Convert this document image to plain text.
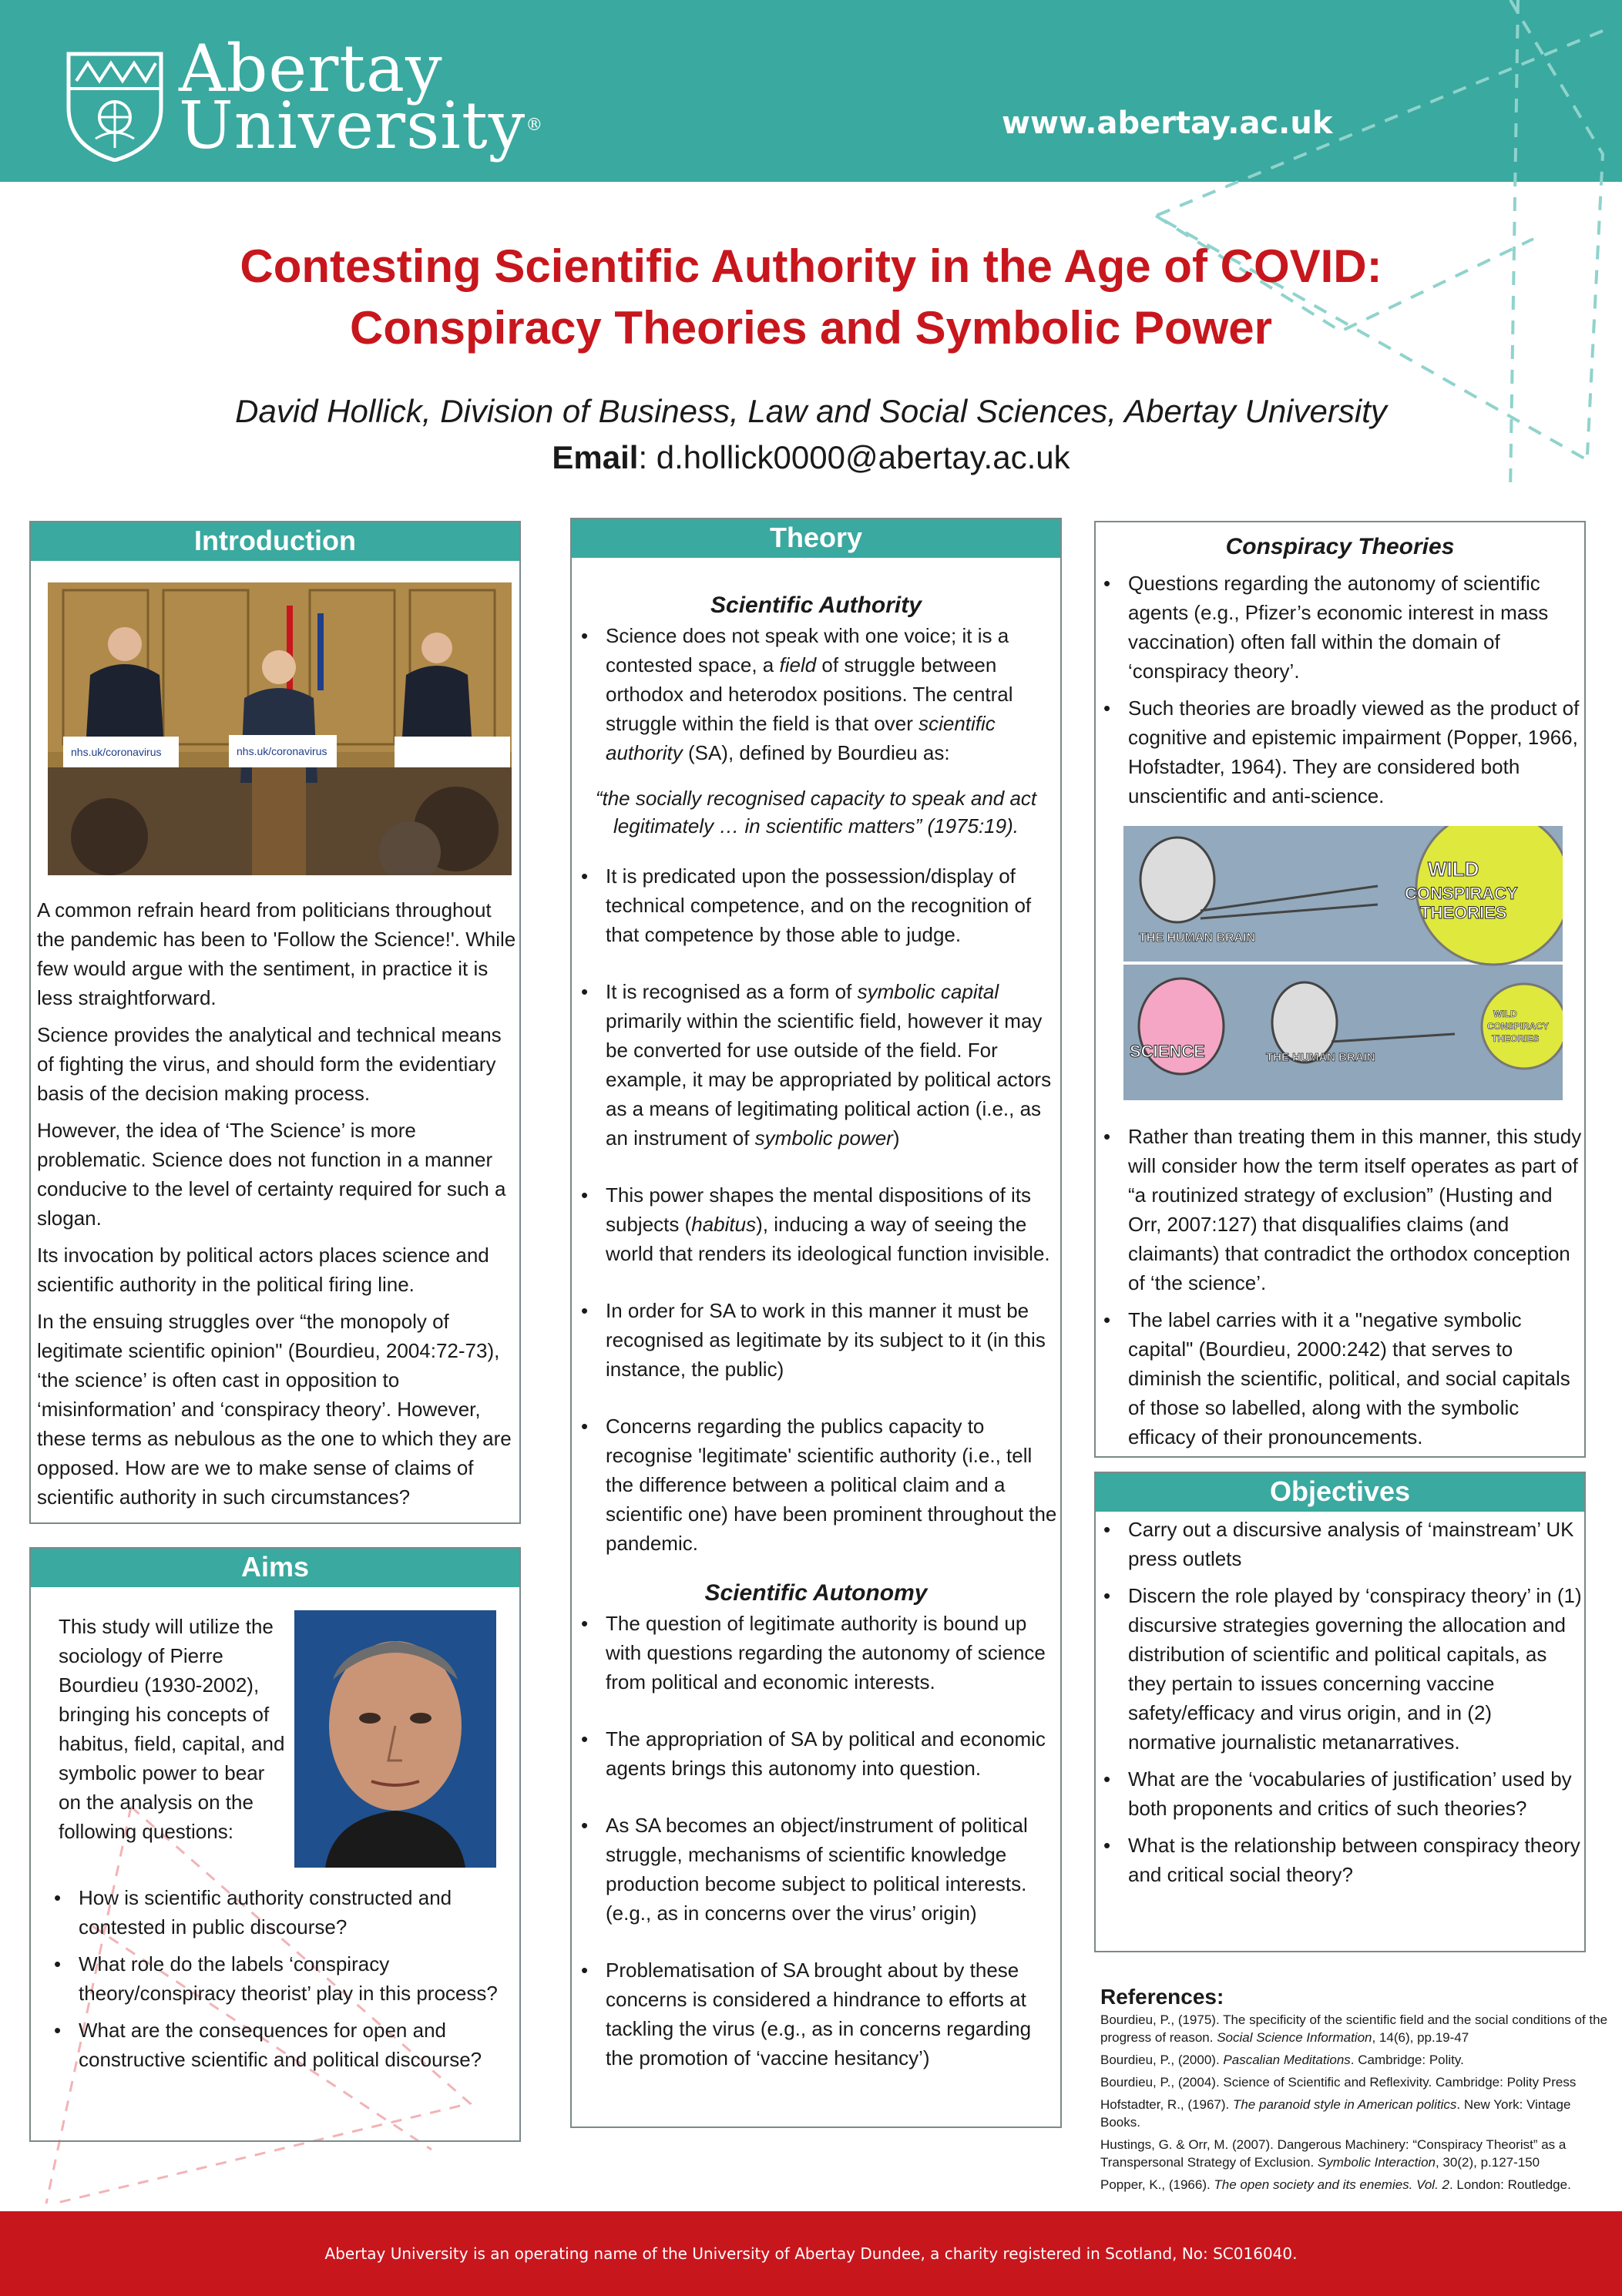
Abertay
University®	www.abertay.ac.uk
Contesting Scientific Authority in the Age of COVID:
Conspiracy Theories and Symbolic Power
David Hollick, Division of Business, Law and Social Sciences, Abertay University
Email: d.hollick0000@abertay.ac.uk
Introduction
nhs.uk/coronavirus	nhs.uk/coronavirus

A common refrain heard from politicians throughout the pandemic has been to 'Follow the Science!'. While few would argue with the sentiment, in practice it is less straightforward.

Science provides the analytical and technical means of fighting the virus, and should form the evidentiary basis of the decision making process.

However, the idea of ‘The Science’ is more problematic. Science does not function in a manner conducive to the level of certainty required for such a slogan.

Its invocation by political actors places science and scientific authority in the political firing line.

In the ensuing struggles over “the monopoly of legitimate scientific opinion" (Bourdieu, 2004:72-73), ‘the science’ is often cast in opposition to ‘misinformation’ and ‘conspiracy theory’. However, these terms as nebulous as the one to which they are opposed. How are we to make sense of claims of scientific authority in such circumstances?

Aims
This study will utilize the sociology of Pierre Bourdieu (1930-2002), bringing his concepts of habitus, field, capital, and symbolic power to bear on the analysis on the following questions:
• How is scientific authority constructed and contested in public discourse?
• What role do the labels ‘conspiracy theory/conspiracy theorist’ play in this process?
• What are the consequences for open and constructive scientific and political discourse?
Theory
Scientific Authority
• Science does not speak with one voice; it is a contested space, a field of struggle between orthodox and heterodox positions. The central struggle within the field is that over scientific authority (SA), defined by Bourdieu as:
“the socially recognised capacity to speak and act legitimately … in scientific matters” (1975:19).
• It is predicated upon the possession/display of technical competence, and on the recognition of that competence by those able to judge.
• It is recognised as a form of symbolic capital primarily within the scientific field, however it may be converted for use outside of the field. For example, it may be appropriated by political actors as a means of legitimating political action (i.e., as an instrument of symbolic power)
• This power shapes the mental dispositions of its subjects (habitus), inducing a way of seeing the world that renders its ideological function invisible.
• In order for SA to work in this manner it must be recognised as legitimate by its subject to it (in this instance, the public)
• Concerns regarding the publics capacity to recognise 'legitimate' scientific authority (i.e., tell the difference between a political claim and a scientific one) have been prominent throughout the pandemic.
Scientific Autonomy
• The question of legitimate authority is bound up with questions regarding the autonomy of science from political and economic interests.
• The appropriation of SA by political and economic agents brings this autonomy into question.
• As SA becomes an object/instrument of political struggle, mechanisms of scientific knowledge production become subject to political interests. (e.g., as in concerns over the virus’ origin)
• Problematisation of SA brought about by these concerns is considered a hindrance to efforts at tackling the virus (e.g., as in concerns regarding the promotion of ‘vaccine hesitancy’)
Conspiracy Theories
• Questions regarding the autonomy of scientific agents (e.g., Pfizer’s economic interest in mass vaccination) often fall within the domain of ‘conspiracy theory’.
• Such theories are broadly viewed as the product of cognitive and epistemic impairment (Popper, 1966, Hofstadter, 1964). They are considered both unscientific and anti-science.
WILD
CONSPIRACY
THEORIES
THE HUMAN BRAIN
WILD
CONSPIRACY
THEORIES
SCIENCE	THE HUMAN BRAIN
• Rather than treating them in this manner, this study will consider how the term itself operates as part of “a routinized strategy of exclusion” (Husting and Orr, 2007:127) that disqualifies claims (and claimants) that contradict the orthodox conception of ‘the science’.
• The label carries with it a "negative symbolic capital" (Bourdieu, 2000:242) that serves to diminish the scientific, political, and social capitals of those so labelled, along with the symbolic efficacy of their pronouncements.
Objectives
• Carry out a discursive analysis of ‘mainstream’ UK press outlets
• Discern the role played by ‘conspiracy theory’ in (1) discursive strategies governing the allocation and distribution of scientific and political capitals, as they pertain to issues concerning vaccine safety/efficacy and virus origin, and in (2) normative journalistic metanarratives.
• What are the ‘vocabularies of justification’ used by both proponents and critics of such theories?
• What is the relationship between conspiracy theory and critical social theory?
References:

Bourdieu, P., (1975). The specificity of the scientific field and the social conditions of the progress of reason. Social Science Information, 14(6), pp.19-47

Bourdieu, P., (2000). Pascalian Meditations. Cambridge: Polity.

Bourdieu, P., (2004). Science of Scientific and Reflexivity. Cambridge: Polity Press

Hofstadter, R., (1967). The paranoid style in American politics. New York: Vintage Books.

Hustings, G. & Orr, M. (2007). Dangerous Machinery: “Conspiracy Theorist” as a Transpersonal Strategy of Exclusion. Symbolic Interaction, 30(2), p.127-150

Popper, K., (1966). The open society and its enemies. Vol. 2. London: Routledge.

Abertay University is an operating name of the University of Abertay Dundee, a charity registered in Scotland, No: SC016040.
